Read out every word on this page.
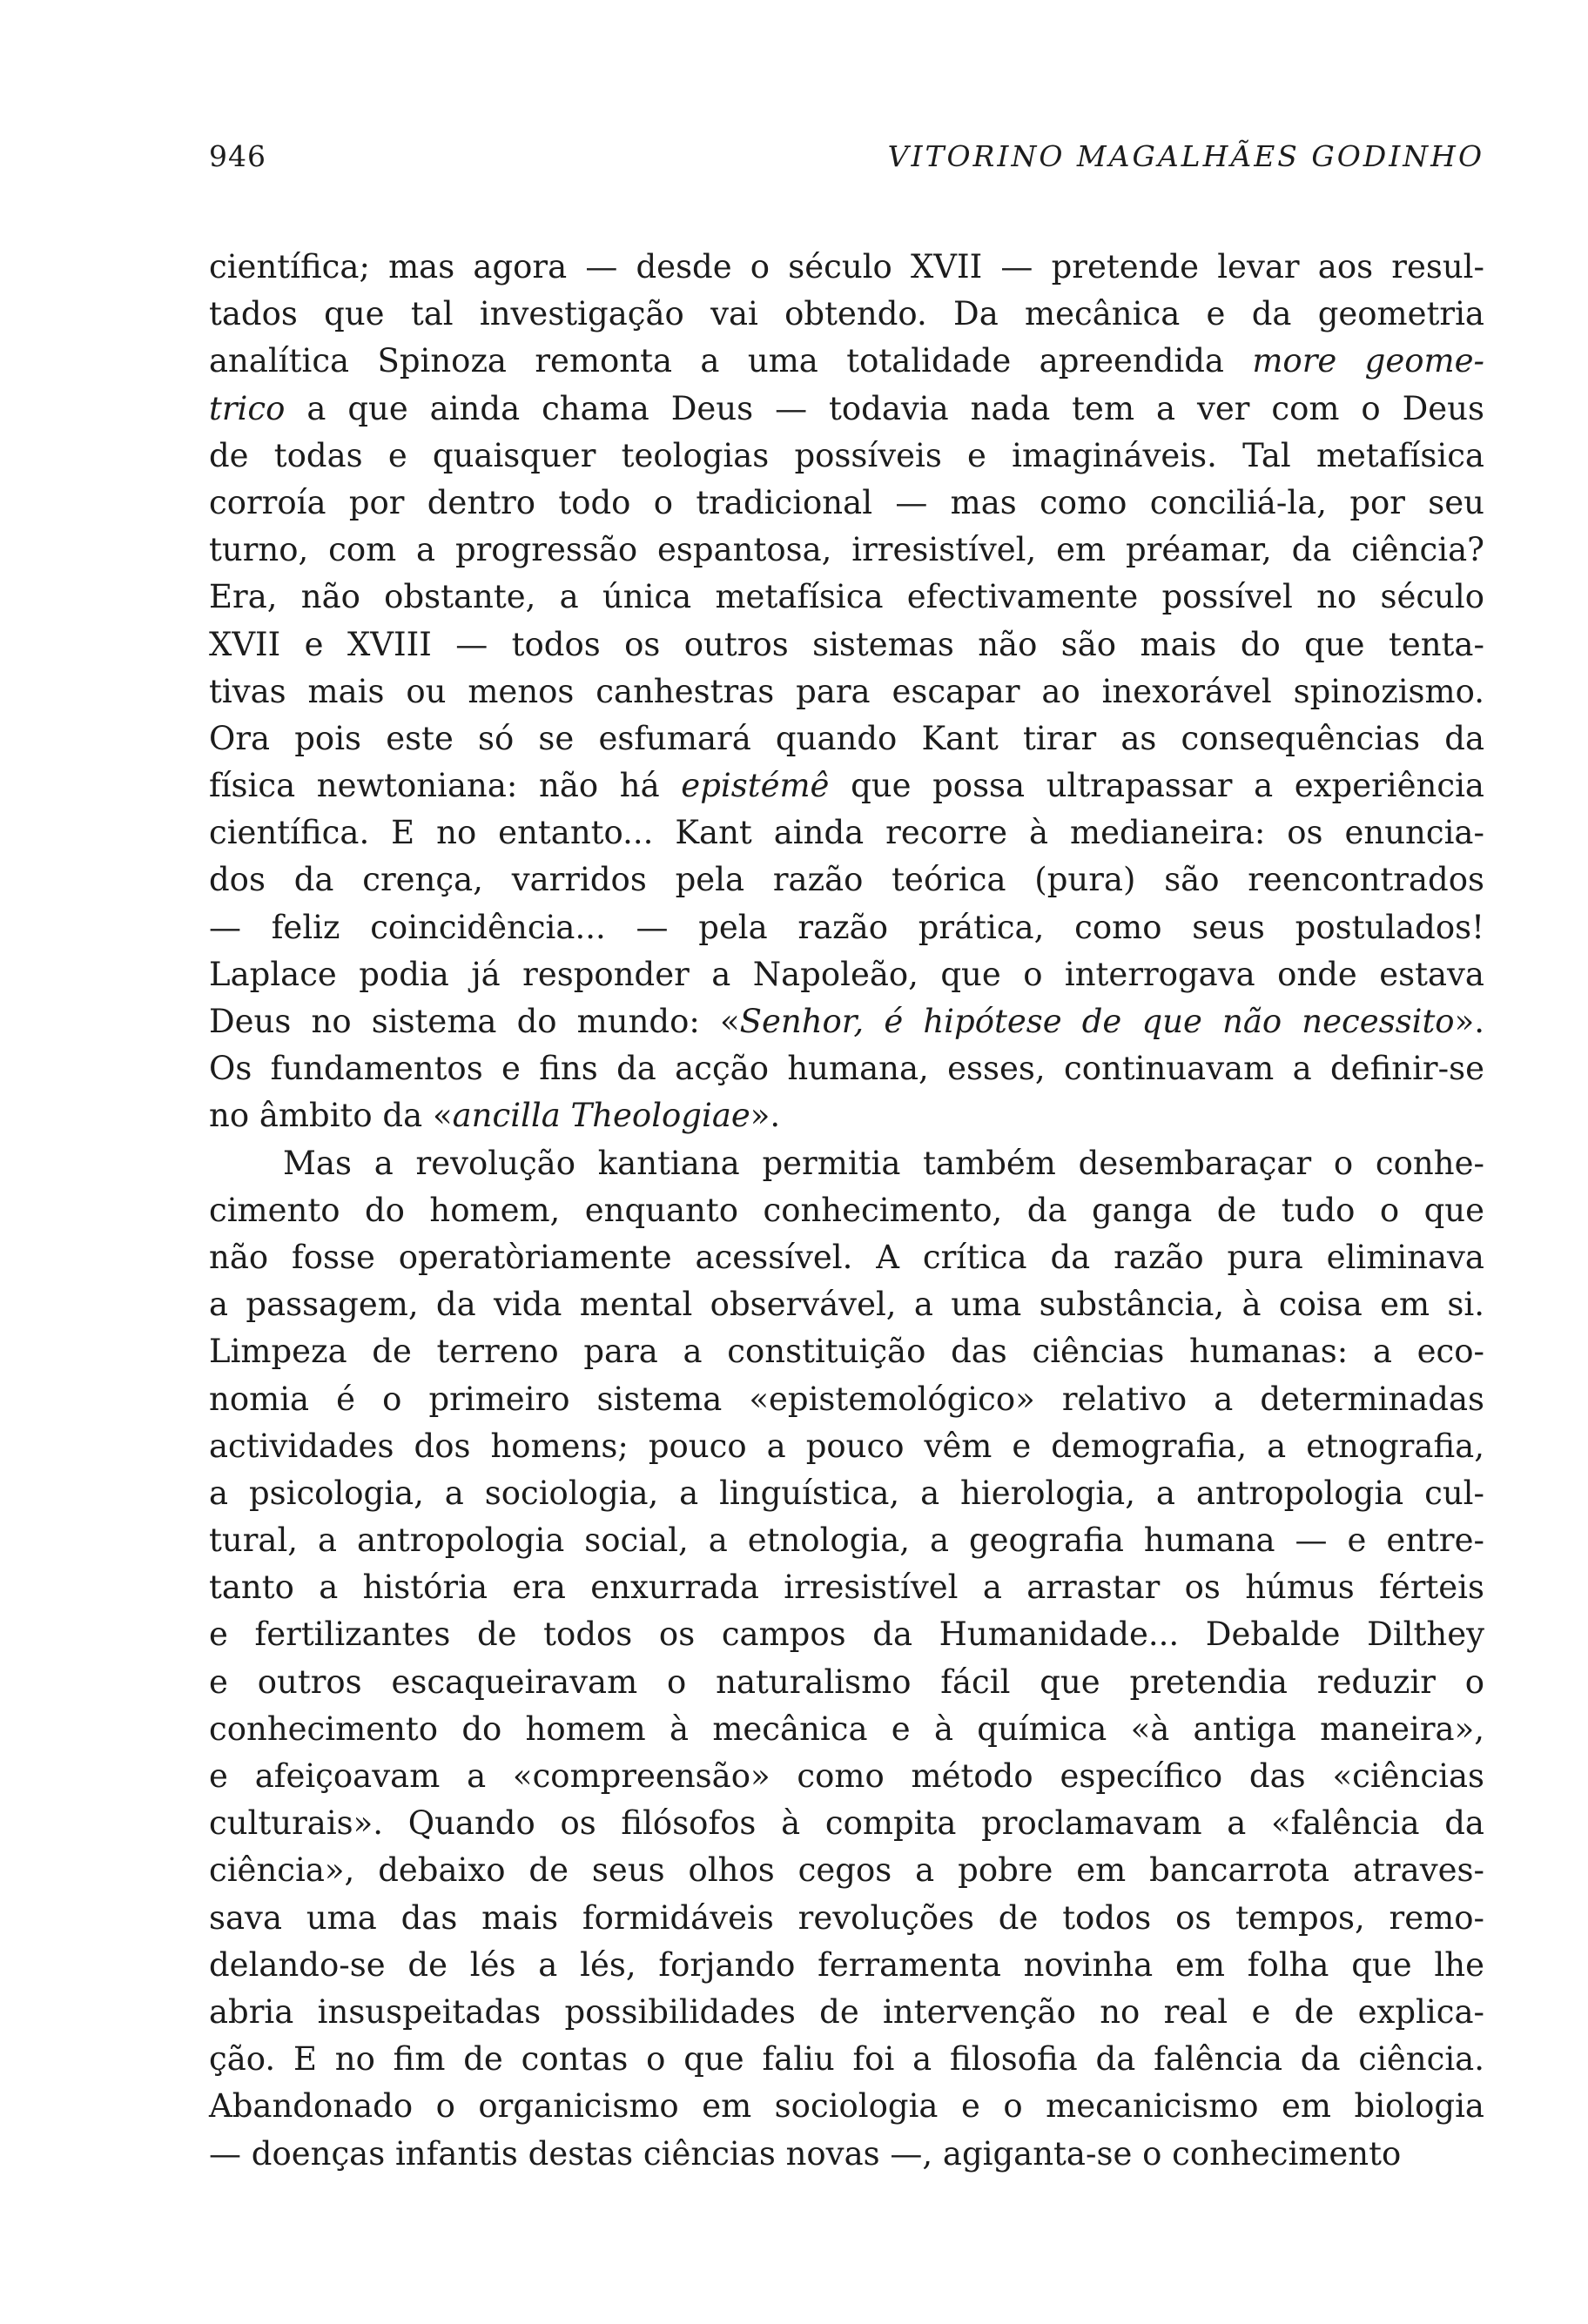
946	VITORINO MAGALHÃES GODINHO
científica; mas agora — desde o século XVII — pretende levar aos resul-
tados que tal investigação vai obtendo. Da mecânica e da geometria
analítica Spinoza remonta a uma totalidade apreendida more geome-
trico a que ainda chama Deus — todavia nada tem a ver com o Deus
de todas e quaisquer teologias possíveis e imagináveis. Tal metafísica
corroía por dentro todo o tradicional — mas como conciliá-la, por seu
turno, com a progressão espantosa, irresistível, em préamar, da ciência?
Era, não obstante, a única metafísica efectivamente possível no século
XVII e XVIII — todos os outros sistemas não são mais do que tenta-
tivas mais ou menos canhestras para escapar ao inexorável spinozismo.
Ora pois este só se esfumará quando Kant tirar as consequências da
física newtoniana: não há epistémê que possa ultrapassar a experiência
científica. E no entanto... Kant ainda recorre à medianeira: os enuncia-
dos da crença, varridos pela razão teórica (pura) são reencontrados
— feliz coincidência... — pela razão prática, como seus postulados!
Laplace podia já responder a Napoleão, que o interrogava onde estava
Deus no sistema do mundo: «Senhor, é hipótese de que não necessito».
Os fundamentos e fins da acção humana, esses, continuavam a definir-se
no âmbito da «ancilla Theologiae».
Mas a revolução kantiana permitia também desembaraçar o conhe-
cimento do homem, enquanto conhecimento, da ganga de tudo o que
não fosse operatòriamente acessível. A crítica da razão pura eliminava
a passagem, da vida mental observável, a uma substância, à coisa em si.
Limpeza de terreno para a constituição das ciências humanas: a eco-
nomia é o primeiro sistema «epistemológico» relativo a determinadas
actividades dos homens; pouco a pouco vêm e demografia, a etnografia,
a psicologia, a sociologia, a linguística, a hierologia, a antropologia cul-
tural, a antropologia social, a etnologia, a geografia humana — e entre-
tanto a história era enxurrada irresistível a arrastar os húmus férteis
e fertilizantes de todos os campos da Humanidade... Debalde Dilthey
e outros escaqueiravam o naturalismo fácil que pretendia reduzir o
conhecimento do homem à mecânica e à química «à antiga maneira»,
e afeiçoavam a «compreensão» como método específico das «ciências
culturais». Quando os filósofos à compita proclamavam a «falência da
ciência», debaixo de seus olhos cegos a pobre em bancarrota atraves-
sava uma das mais formidáveis revoluções de todos os tempos, remo-
delando-se de lés a lés, forjando ferramenta novinha em folha que lhe
abria insuspeitadas possibilidades de intervenção no real e de explica-
ção. E no fim de contas o que faliu foi a filosofia da falência da ciência.
Abandonado o organicismo em sociologia e o mecanicismo em biologia
— doenças infantis destas ciências novas —, agiganta-se o conhecimento
